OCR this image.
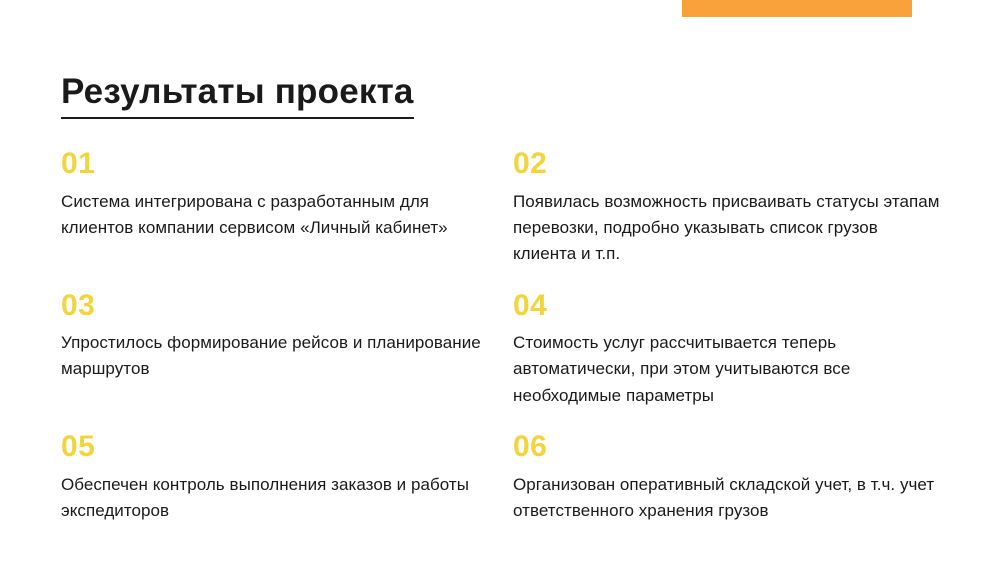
Результаты проекта
01
Система интегрирована с разработанным для клиентов компании сервисом «Личный кабинет»
02
Появилась возможность присваивать статусы этапам перевозки, подробно указывать список грузов клиента и т.п.
03
Упростилось формирование рейсов и планирование маршрутов
04
Стоимость услуг рассчитывается теперь автоматически, при этом учитываются все необходимые параметры
05
Обеспечен контроль выполнения заказов и работы экспедиторов
06
Организован оперативный складской учет, в т.ч. учет ответственного хранения грузов
